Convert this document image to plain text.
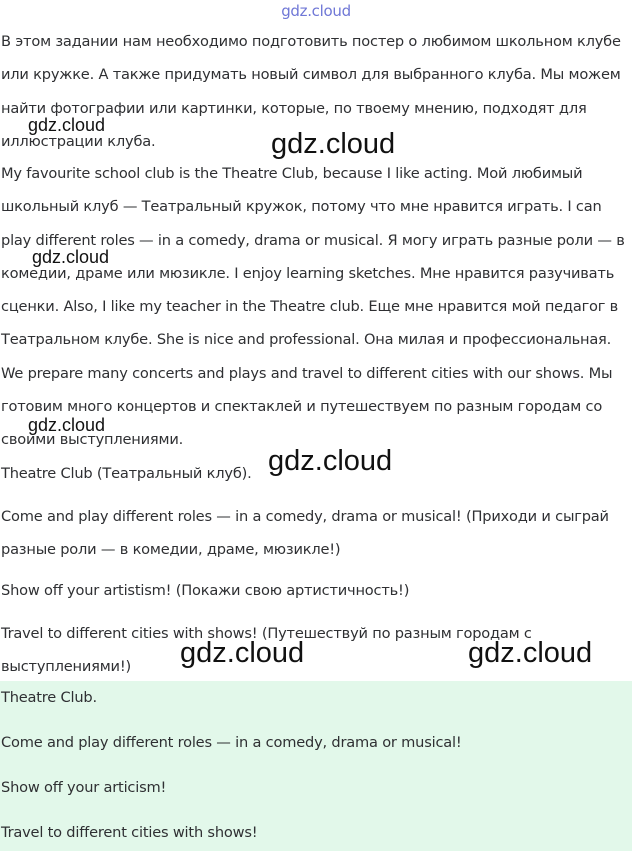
gdz.cloud
В этом задании нам необходимо подготовить постер о любимом школьном клубе или кружке. А также придумать новый символ для выбранного клуба. Мы можем найти фотографии или картинки, которые, по твоему мнению, подходят для иллюстрации клуба.
My favourite school club is the Theatre Club, because I like acting. Мой любимый школьный клуб — Театральный кружок, потому что мне нравится играть. I can play different roles — in a comedy, drama or musical. Я могу играть разные роли — в комедии, драме или мюзикле. I enjoy learning sketches. Мне нравится разучивать сценки. Also, I like my teacher in the Theatre club. Еще мне нравится мой педагог в Театральном клубе. She is nice and professional. Она милая и профессиональная. We prepare many concerts and plays and travel to different cities with our shows. Мы готовим много концертов и спектаклей и путешествуем по разным городам со своими выступлениями.
Theatre Club (Театральный клуб).
Come and play different roles — in a comedy, drama or musical! (Приходи и сыграй разные роли — в комедии, драме, мюзикле!)
Show off your artistism! (Покажи свою артистичность!)
Travel to different cities with shows! (Путешествуй по разным городам с выступлениями!)
Theatre Club.
Come and play different roles — in a comedy, drama or musical!
Show off your articism!
Travel to different cities with shows!
gdz.cloud
gdz.cloud
gdz.cloud
gdz.cloud
gdz.cloud
gdz.cloud	gdz.cloud
